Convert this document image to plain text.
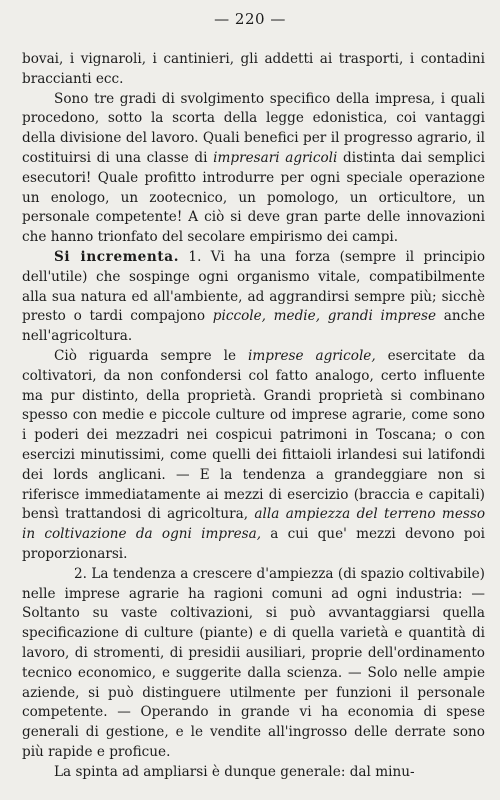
— 220 —

bovai, i vignaroli, i cantinieri, gli addetti ai trasporti, i contadini braccianti ecc.

Sono tre gradi di svolgimento specifico della impresa, i quali procedono, sotto la scorta della legge edonistica, coi vantaggi della divisione del lavoro. Quali benefici per il progresso agrario, il costituirsi di una classe di impresari agricoli distinta dai semplici esecutori! Quale profitto introdurre per ogni speciale operazione un enologo, un zootecnico, un pomologo, un orticultore, un personale competente! A ciò si deve gran parte delle innovazioni che hanno trionfato del secolare empirismo dei campi.

Si incrementa. 1. Vi ha una forza (sempre il principio dell'utile) che sospinge ogni organismo vitale, compatibilmente alla sua natura ed all'ambiente, ad aggrandirsi sempre più; sicchè presto o tardi compajono piccole, medie, grandi imprese anche nell'agricoltura.

Ciò riguarda sempre le imprese agricole, esercitate da coltivatori, da non confondersi col fatto analogo, certo influente ma pur distinto, della proprietà. Grandi proprietà si combinano spesso con medie e piccole culture od imprese agrarie, come sono i poderi dei mezzadri nei cospicui patrimoni in Toscana; o con esercizi minutissimi, come quelli dei fittaioli irlandesi sui latifondi dei lords anglicani. — E la tendenza a grandeggiare non si riferisce immediatamente ai mezzi di esercizio (braccia e capitali) bensì trattandosi di agricoltura, alla ampiezza del terreno messo in coltivazione da ogni impresa, a cui que' mezzi devono poi proporzionarsi.

2. La tendenza a crescere d'ampiezza (di spazio coltivabile) nelle imprese agrarie ha ragioni comuni ad ogni industria: — Soltanto su vaste coltivazioni, si può avvantaggiarsi quella specificazione di culture (piante) e di quella varietà e quantità di lavoro, di stromenti, di presidii ausiliari, proprie dell'ordinamento tecnico economico, e suggerite dalla scienza. — Solo nelle ampie aziende, si può distinguere utilmente per funzioni il personale competente. — Operando in grande vi ha economia di spese generali di gestione, e le vendite all'ingrosso delle derrate sono più rapide e proficue.

La spinta ad ampliarsi è dunque generale: dal minu-
